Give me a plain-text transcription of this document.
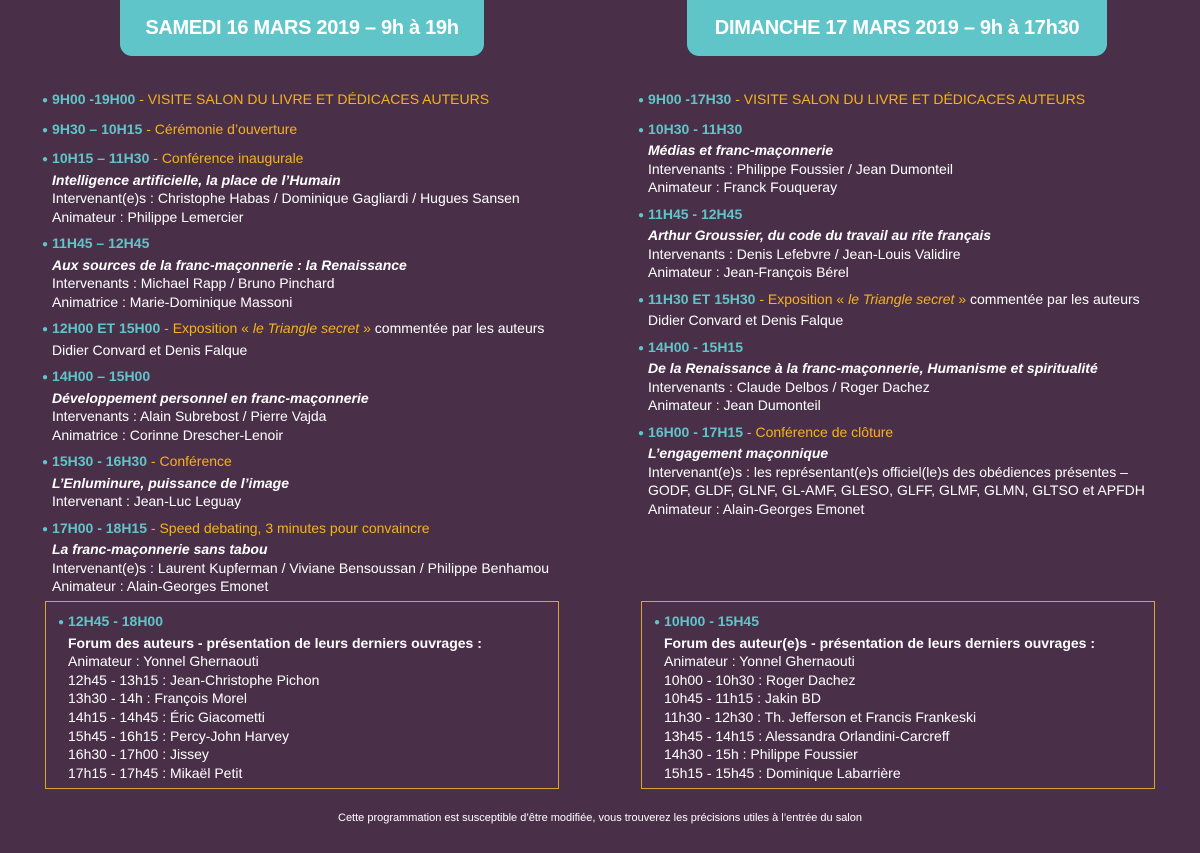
SAMEDI 16 MARS 2019 – 9h à 19h	DIMANCHE 17 MARS 2019 – 9h à 17h30
● 9H00 -19H00 - VISITE SALON DU LIVRE ET DÉDICACES AUTEURS
● 9H30 – 10H15 - Cérémonie d’ouverture
● 10H15 – 11H30 - Conférence inaugurale
Intelligence artificielle, la place de l’Humain
Intervenant(e)s : Christophe Habas / Dominique Gagliardi / Hugues Sansen
Animateur : Philippe Lemercier
● 11H45 – 12H45
Aux sources de la franc-maçonnerie : la Renaissance
Intervenants : Michael Rapp / Bruno Pinchard
Animatrice : Marie-Dominique Massoni
● 12H00 ET 15H00 - Exposition « le Triangle secret » commentée par les auteurs
Didier Convard et Denis Falque
● 14H00 – 15H00
Développement personnel en franc-maçonnerie
Intervenants : Alain Subrebost / Pierre Vajda
Animatrice : Corinne Drescher-Lenoir
● 15H30 - 16H30 - Conférence
L’Enluminure, puissance de l’image
Intervenant : Jean-Luc Leguay
● 17H00 - 18H15 - Speed debating, 3 minutes pour convaincre
La franc-maçonnerie sans tabou
Intervenant(e)s : Laurent Kupferman / Viviane Bensoussan / Philippe Benhamou
Animateur : Alain-Georges Emonet
● 9H00 -17H30 - VISITE SALON DU LIVRE ET DÉDICACES AUTEURS
● 10H30 - 11H30
Médias et franc-maçonnerie
Intervenants : Philippe Foussier / Jean Dumonteil
Animateur : Franck Fouqueray
● 11H45 - 12H45
Arthur Groussier, du code du travail au rite français
Intervenants : Denis Lefebvre / Jean-Louis Validire
Animateur : Jean-François Bérel
● 11H30 ET 15H30 - Exposition « le Triangle secret » commentée par les auteurs
Didier Convard et Denis Falque
● 14H00 - 15H15
De la Renaissance à la franc-maçonnerie, Humanisme et spiritualité
Intervenants : Claude Delbos / Roger Dachez
Animateur : Jean Dumonteil
● 16H00 - 17H15 - Conférence de clôture
L’engagement maçonnique
Intervenant(e)s : les représentant(e)s officiel(le)s des obédiences présentes –
GODF, GLDF, GLNF, GL-AMF, GLESO, GLFF, GLMF, GLMN, GLTSO et APFDH
Animateur : Alain-Georges Emonet
● 12H45 - 18H00
Forum des auteurs - présentation de leurs derniers ouvrages :
Animateur : Yonnel Ghernaouti
12h45 - 13h15 : Jean-Christophe Pichon
13h30 - 14h : François Morel
14h15 - 14h45 : Éric Giacometti
15h45 - 16h15 : Percy-John Harvey
16h30 - 17h00 : Jissey
17h15 - 17h45 : Mikaël Petit
● 10H00 - 15H45
Forum des auteur(e)s - présentation de leurs derniers ouvrages :
Animateur : Yonnel Ghernaouti
10h00 - 10h30 : Roger Dachez
10h45 - 11h15 : Jakin BD
11h30 - 12h30 : Th. Jefferson et Francis Frankeski
13h45 - 14h15 : Alessandra Orlandini-Carcreff
14h30 - 15h : Philippe Foussier
15h15 - 15h45 : Dominique Labarrière
Cette programmation est susceptible d’être modifiée, vous trouverez les précisions utiles à l’entrée du salon
